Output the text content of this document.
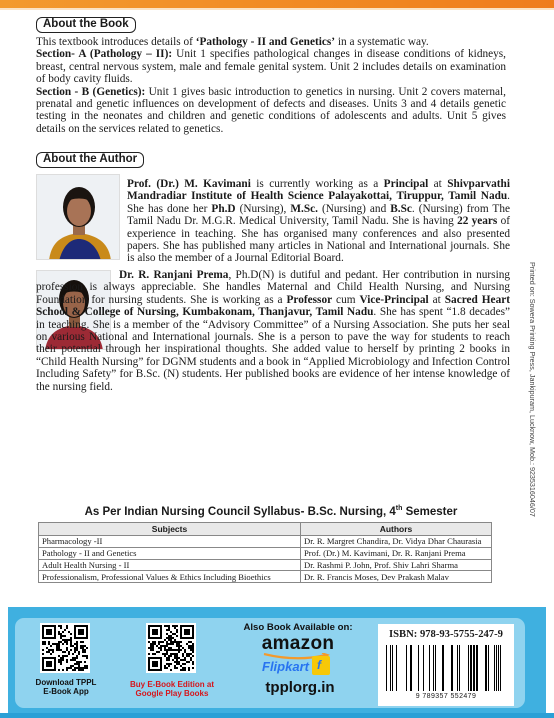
About the Book
This textbook introduces details of ‘Pathology - II and Genetics’ in a systematic way.
Section- A (Pathology – II): Unit 1 specifies pathological changes in disease conditions of kidneys, breast, central nervous system, male and female genital system. Unit 2 includes details on examination of body cavity fluids.
Section - B (Genetics): Unit 1 gives basic introduction to genetics in nursing. Unit 2 covers maternal, prenatal and genetic influences on development of defects and diseases. Units 3 and 4 details genetic testing in the neonates and children and genetic conditions of adolescents and adults. Unit 5 gives details on the services related to genetics.
About the Author
Prof. (Dr.) M. Kavimani is currently working as a Principal at Shivparvathi Mandradiar Institute of Health Science Palayakottai, Tiruppur, Tamil Nadu. She has done her Ph.D (Nursing), M.Sc. (Nursing) and B.Sc. (Nursing) from The Tamil Nadu Dr. M.G.R. Medical University, Tamil Nadu. She is having 22 years of experience in teaching. She has organised many conferences and also presented papers. She has published many articles in National and International journals. She is also the member of a Journal Editorial Board.
Dr. R. Ranjani Prema, Ph.D(N) is dutiful and pedant. Her contribution in nursing profession is always appreciable. She handles Maternal and Child Health Nursing, and Nursing Foundation for nursing students. She is working as a Professor cum Vice-Principal at Sacred Heart School & College of Nursing, Kumbakonam, Thanjavur, Tamil Nadu. She has spent “1.8 decades” in teaching. She is a member of the “Advisory Committee” of a Nursing Association. She puts her seal on various National and International journals. She is a person to pave the way for students to reach their potential through her inspirational thoughts. She added value to herself by printing 2 books in “Child Health Nursing” for DGNM students and a book in “Applied Microbiology and Infection Control Including Safety” for B.Sc. (N) students. Her published books are evidence of her intense knowledge of the nursing field.	Printed on: Sowera Printing Press, Jankipuram, Lucknow, Mob.: 9235316046/07
As Per Indian Nursing Council Syllabus- B.Sc. Nursing, 4th Semester
Subjects	Authors
Pharmacology -II	Dr. R. Margret Chandira, Dr. Vidya Dhar Chaurasia
Pathology - II and Genetics	Prof. (Dr.) M. Kavimani, Dr. R. Ranjani Prema
Adult Health Nursing - II	Dr. Rashmi P. John, Prof. Shiv Lahri Sharma
Professionalism, Professional Values & Ethics Including Bioethics	Dr. R. Francis Moses, Dev Prakash Malav
Download TPPL
E-Book App
Buy E-Book Edition at
Google Play Books
Also Book Available on:
amazon
Flipkart f
tpplorg.in
ISBN: 978-93-5755-247-9
9 789357 552479
